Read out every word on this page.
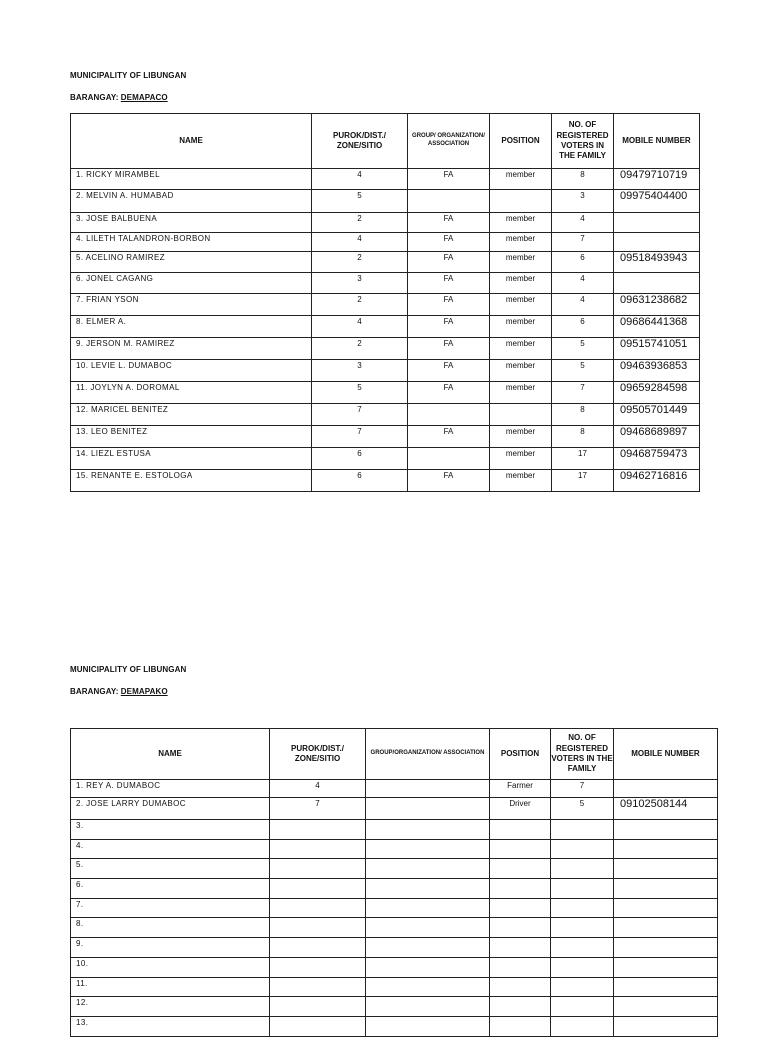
MUNICIPALITY OF LIBUNGAN
BARANGAY: DEMAPACO
NAME	PUROK/DIST./ ZONE/SITIO	GROUP/ ORGANIZATION/ ASSOCIATION	POSITION	NO. OF REGISTERED VOTERS IN THE FAMILY	MOBILE NUMBER
1. RICKY MIRAMBEL	4	FA	member	8	09479710719
2. MELVIN A. HUMABAD	5			3	09975404400
3. JOSE BALBUENA	2	FA	member	4	
4. LILETH TALANDRON-BORBON	4	FA	member	7	
5. ACELINO RAMIREZ	2	FA	member	6	09518493943
6. JONEL CAGANG	3	FA	member	4	
7. FRIAN YSON	2	FA	member	4	09631238682
8. ELMER A.	4	FA	member	6	09686441368
9. JERSON M. RAMIREZ	2	FA	member	5	09515741051
10. LEVIE L. DUMABOC	3	FA	member	5	09463936853
11. JOYLYN A. DOROMAL	5	FA	member	7	09659284598
12. MARICEL BENITEZ	7			8	09505701449
13. LEO BENITEZ	7	FA	member	8	09468689897
14. LIEZL ESTUSA	6		member	17	09468759473
15. RENANTE E. ESTOLOGA	6	FA	member	17	09462716816
MUNICIPALITY OF LIBUNGAN
BARANGAY: DEMAPAKO
NAME	PUROK/DIST./ ZONE/SITIO	GROUP/ORGANIZATION/ ASSOCIATION	POSITION	NO. OF REGISTERED VOTERS IN THE FAMILY	MOBILE NUMBER
1. REY A. DUMABOC	4		Farmer	7	
2. JOSE LARRY DUMABOC	7		Driver	5	09102508144
3.					
4.					
5.					
6.					
7.					
8.					
9.					
10.					
11.					
12.					
13.					
